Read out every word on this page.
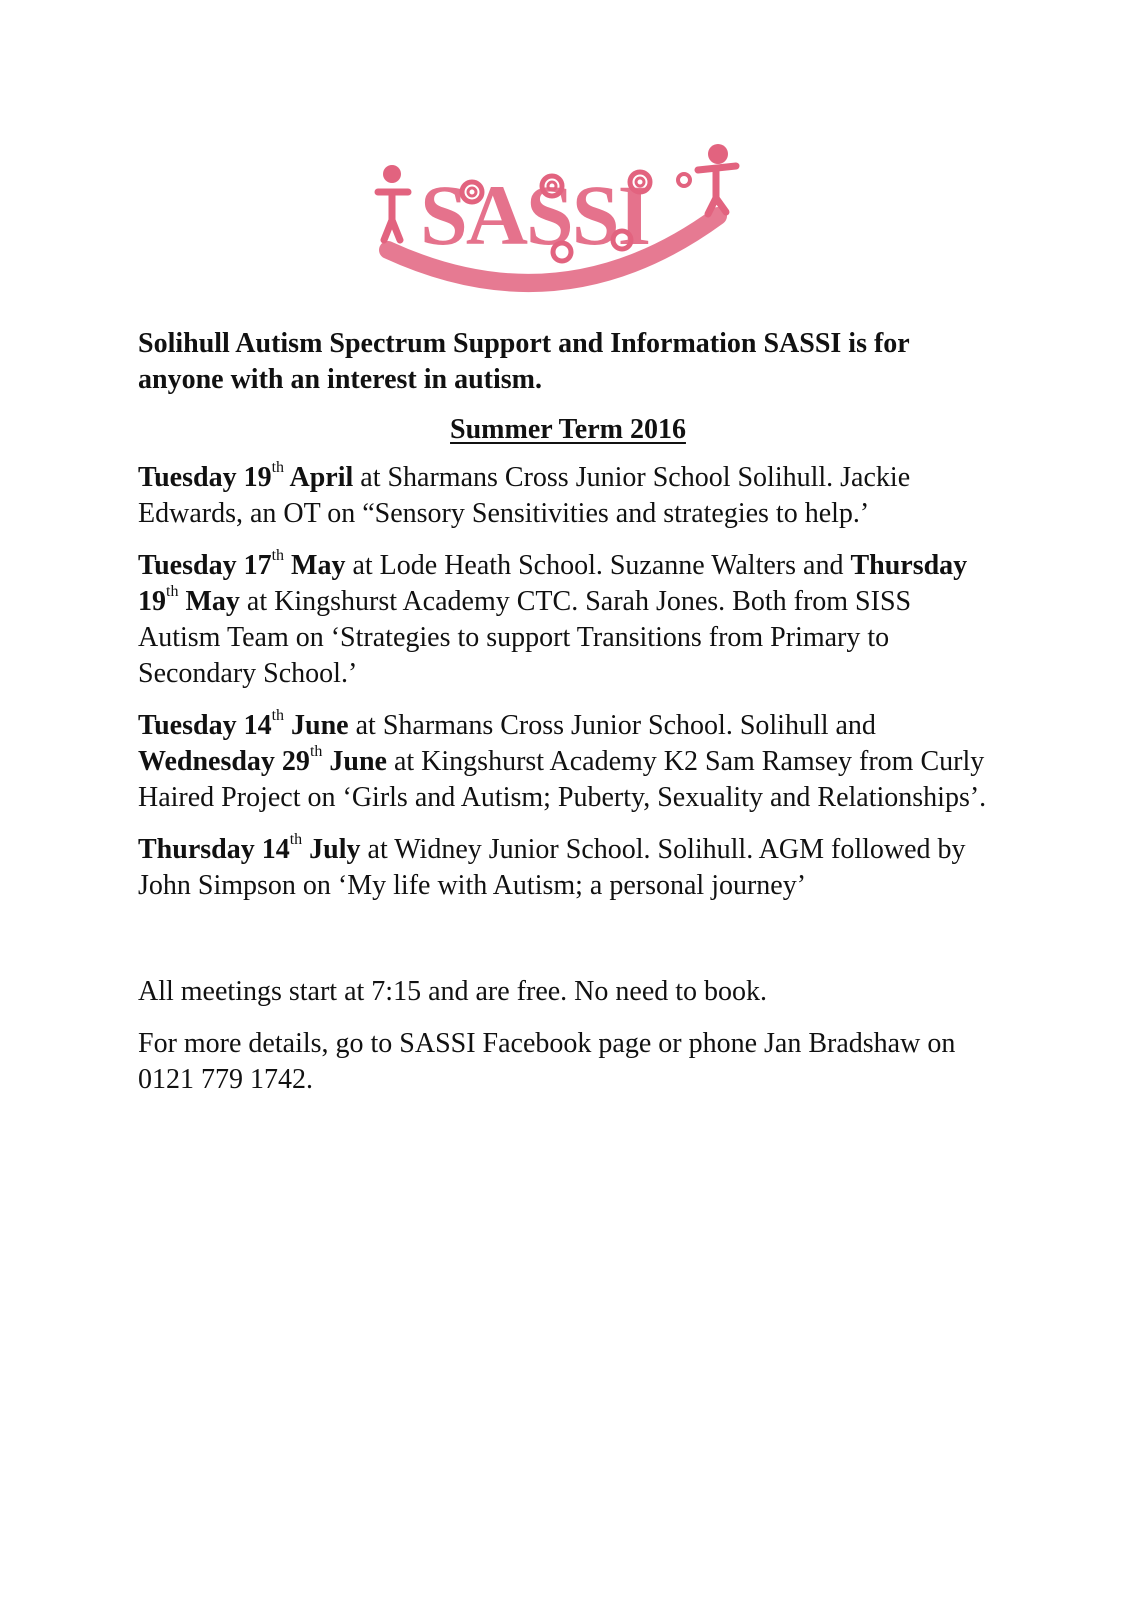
SASSI

Solihull Autism Spectrum Support and Information SASSI is for anyone with an interest in autism.

Summer Term 2016

Tuesday 19th April at Sharmans Cross Junior School Solihull. Jackie Edwards, an OT on “Sensory Sensitivities and strategies to help.’

Tuesday 17th May at Lode Heath School. Suzanne Walters and Thursday 19th May at Kingshurst Academy CTC. Sarah Jones. Both from SISS Autism Team on ‘Strategies to support Transitions from Primary to Secondary School.’

Tuesday 14th June at Sharmans Cross Junior School. Solihull and Wednesday 29th June at Kingshurst Academy K2 Sam Ramsey from Curly Haired Project on ‘Girls and Autism; Puberty, Sexuality and Relationships’.

Thursday 14th July at Widney Junior School. Solihull. AGM followed by John Simpson on ‘My life with Autism; a personal journey’

All meetings start at 7:15 and are free. No need to book.

For more details, go to SASSI Facebook page or phone Jan Bradshaw on 0121 779 1742.
